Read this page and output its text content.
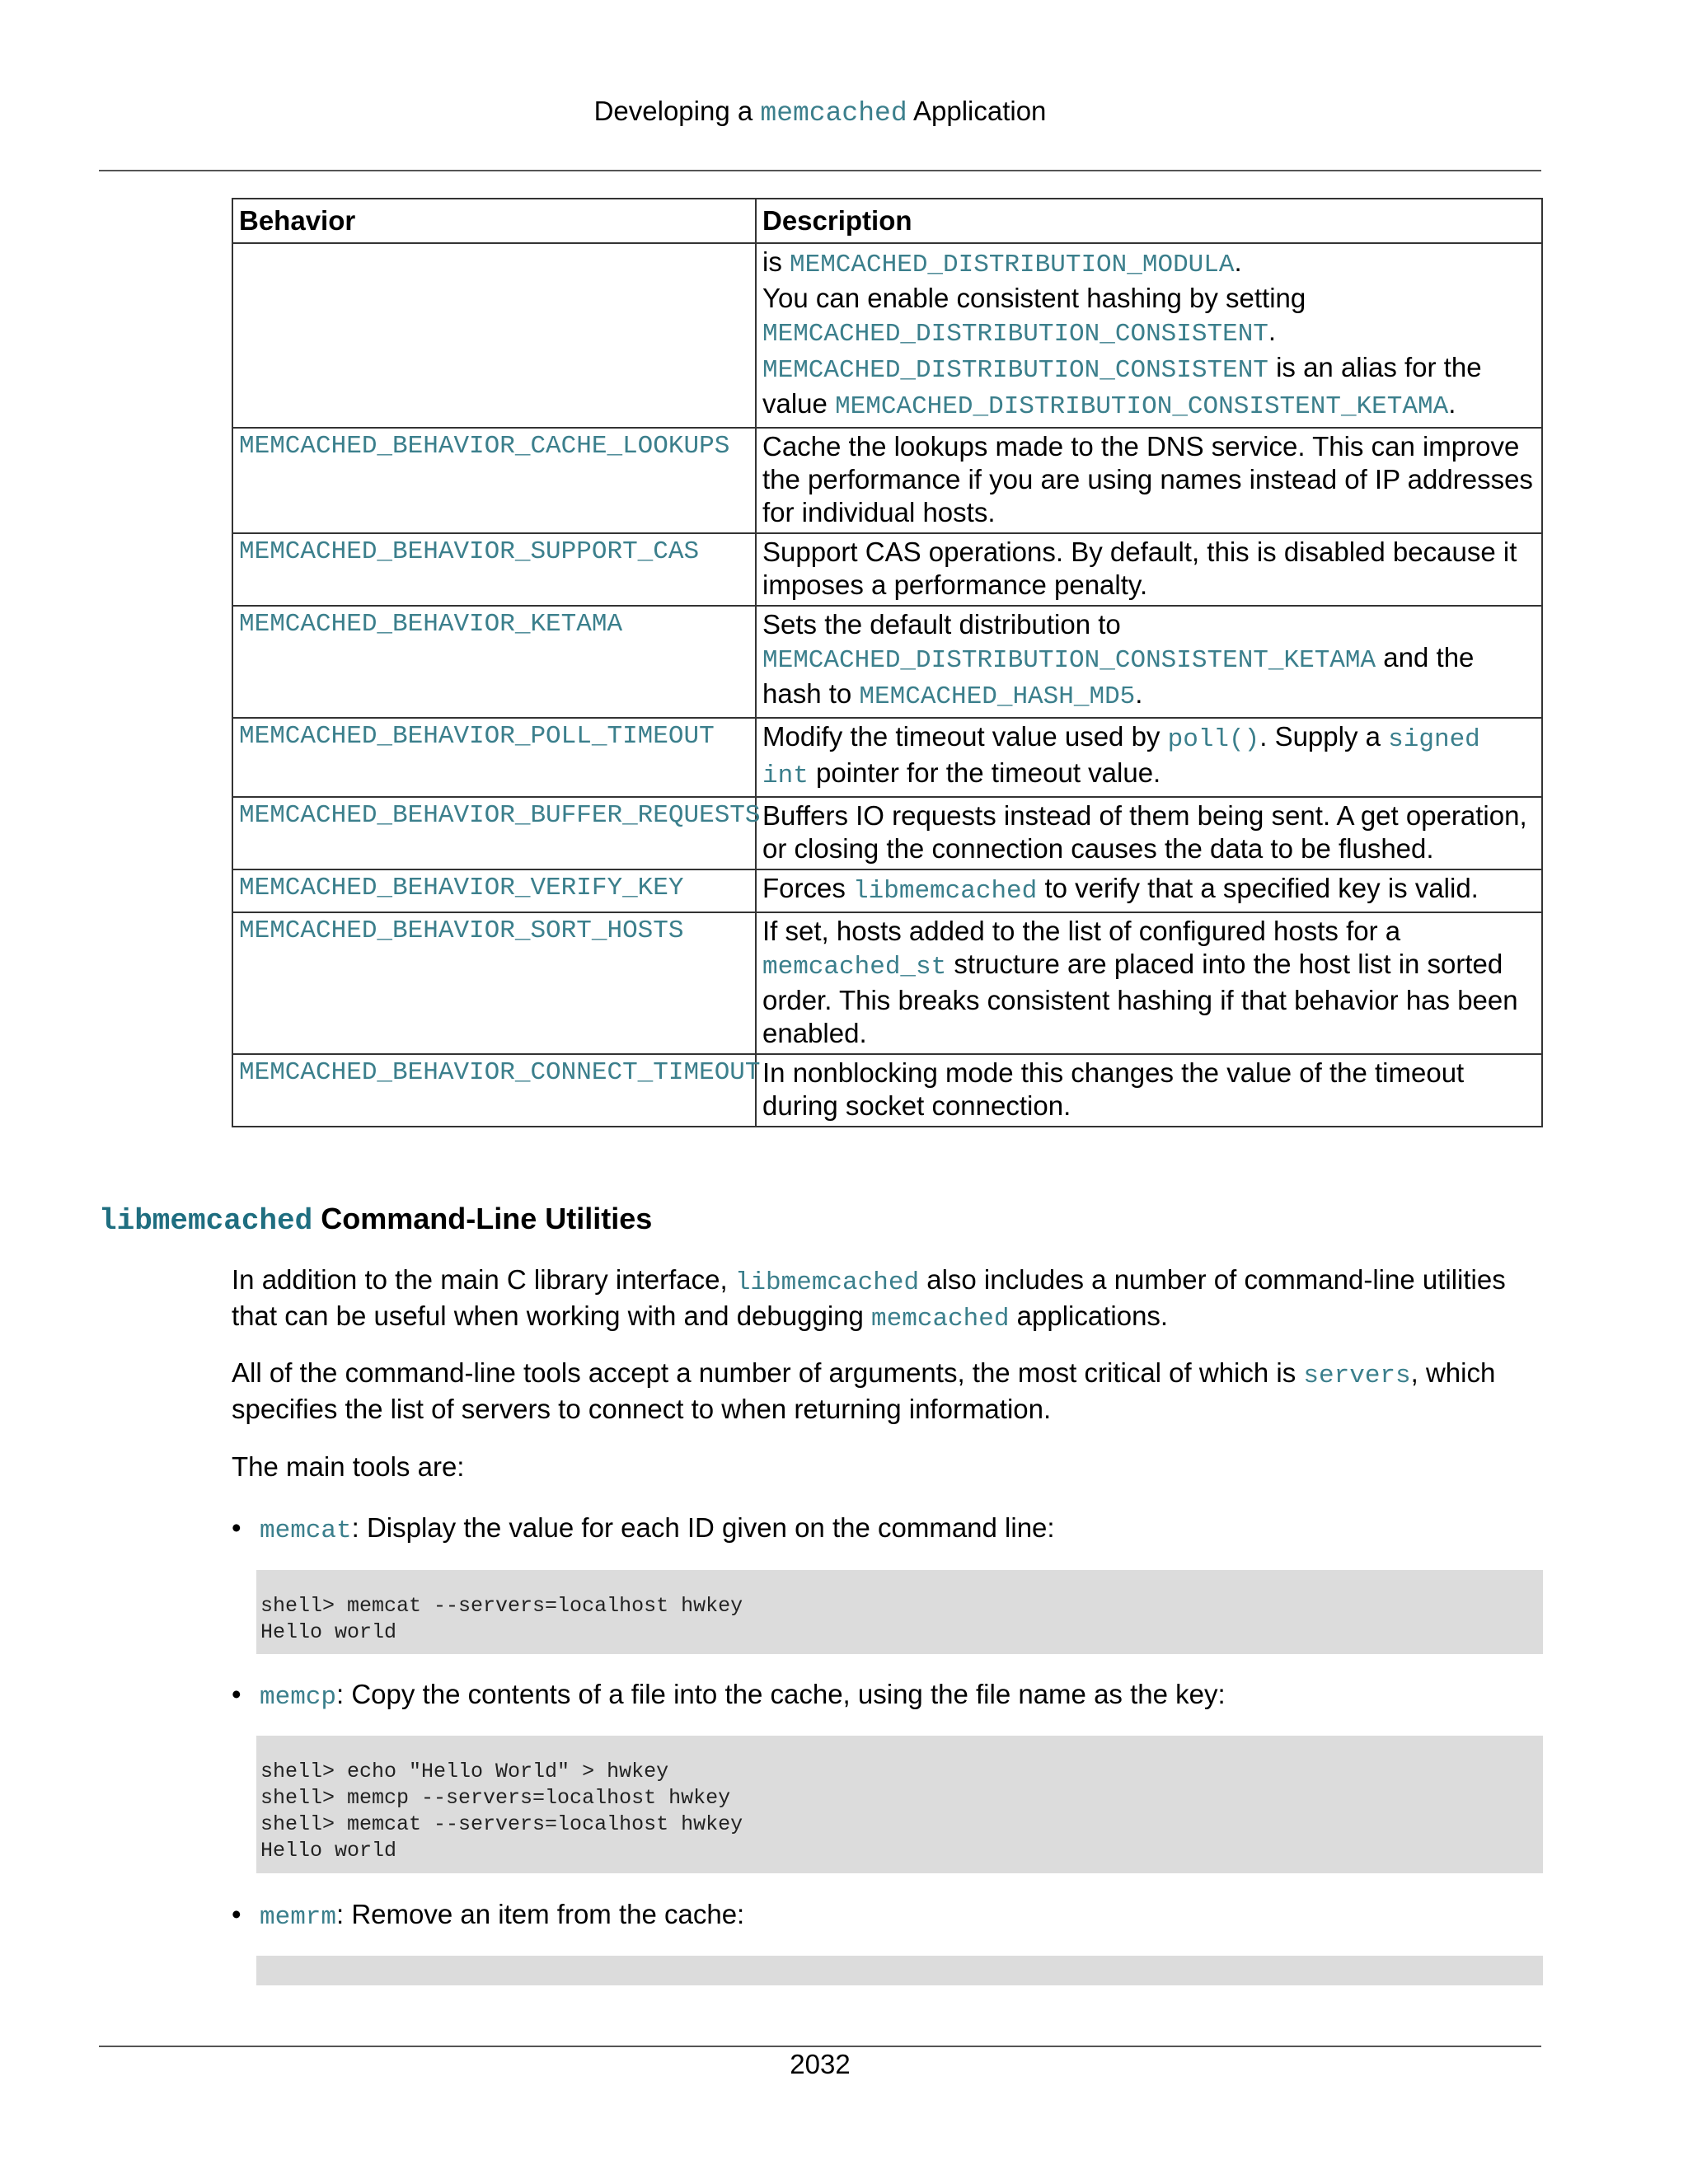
Developing a memcached Application
Behavior	Description
	is MEMCACHED_DISTRIBUTION_MODULA.
You can enable consistent hashing by setting
MEMCACHED_DISTRIBUTION_CONSISTENT.
MEMCACHED_DISTRIBUTION_CONSISTENT is an alias for the
value MEMCACHED_DISTRIBUTION_CONSISTENT_KETAMA.
MEMCACHED_BEHAVIOR_CACHE_LOOKUPS	Cache the lookups made to the DNS service. This can improve the performance if you are using names instead of IP addresses for individual hosts.
MEMCACHED_BEHAVIOR_SUPPORT_CAS	Support CAS operations. By default, this is disabled because it imposes a performance penalty.
MEMCACHED_BEHAVIOR_KETAMA	Sets the default distribution to
MEMCACHED_DISTRIBUTION_CONSISTENT_KETAMA and the
hash to MEMCACHED_HASH_MD5.
MEMCACHED_BEHAVIOR_POLL_TIMEOUT	Modify the timeout value used by poll(). Supply a signed
int pointer for the timeout value.
MEMCACHED_BEHAVIOR_BUFFER_REQUESTS	Buffers IO requests instead of them being sent. A get operation, or closing the connection causes the data to be flushed.
MEMCACHED_BEHAVIOR_VERIFY_KEY	Forces libmemcached to verify that a specified key is valid.
MEMCACHED_BEHAVIOR_SORT_HOSTS	If set, hosts added to the list of configured hosts for a
memcached_st structure are placed into the host list in sorted order. This breaks consistent hashing if that behavior has been enabled.
MEMCACHED_BEHAVIOR_CONNECT_TIMEOUT	In nonblocking mode this changes the value of the timeout during socket connection.
libmemcached Command-Line Utilities
In addition to the main C library interface, libmemcached also includes a number of command-line utilities that can be useful when working with and debugging memcached applications.
All of the command-line tools accept a number of arguments, the most critical of which is servers, which specifies the list of servers to connect to when returning information.
The main tools are:
• memcat: Display the value for each ID given on the command line:
shell> memcat --servers=localhost hwkey
Hello world
• memcp: Copy the contents of a file into the cache, using the file name as the key:
shell> echo "Hello World" > hwkey
shell> memcp --servers=localhost hwkey
shell> memcat --servers=localhost hwkey
Hello world
• memrm: Remove an item from the cache:
2032
